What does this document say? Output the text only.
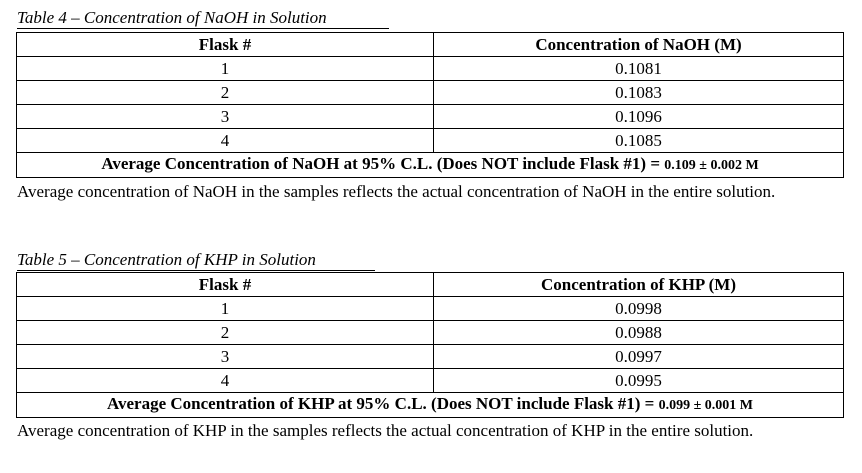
Table 4 – Concentration of NaOH in Solution
Flask #	Concentration of NaOH (M)
1	0.1081
2	0.1083
3	0.1096
4	0.1085
Average Concentration of NaOH at 95% C.L. (Does NOT include Flask #1) = 0.109 ± 0.002 M	
Average concentration of NaOH in the samples reflects the actual concentration of NaOH in the entire solution.
Table 5 – Concentration of KHP in Solution
Flask #	Concentration of KHP (M)
1	0.0998
2	0.0988
3	0.0997
4	0.0995
Average Concentration of KHP at 95% C.L. (Does NOT include Flask #1) = 0.099 ± 0.001 M	
Average concentration of KHP in the samples reflects the actual concentration of KHP in the entire solution.
